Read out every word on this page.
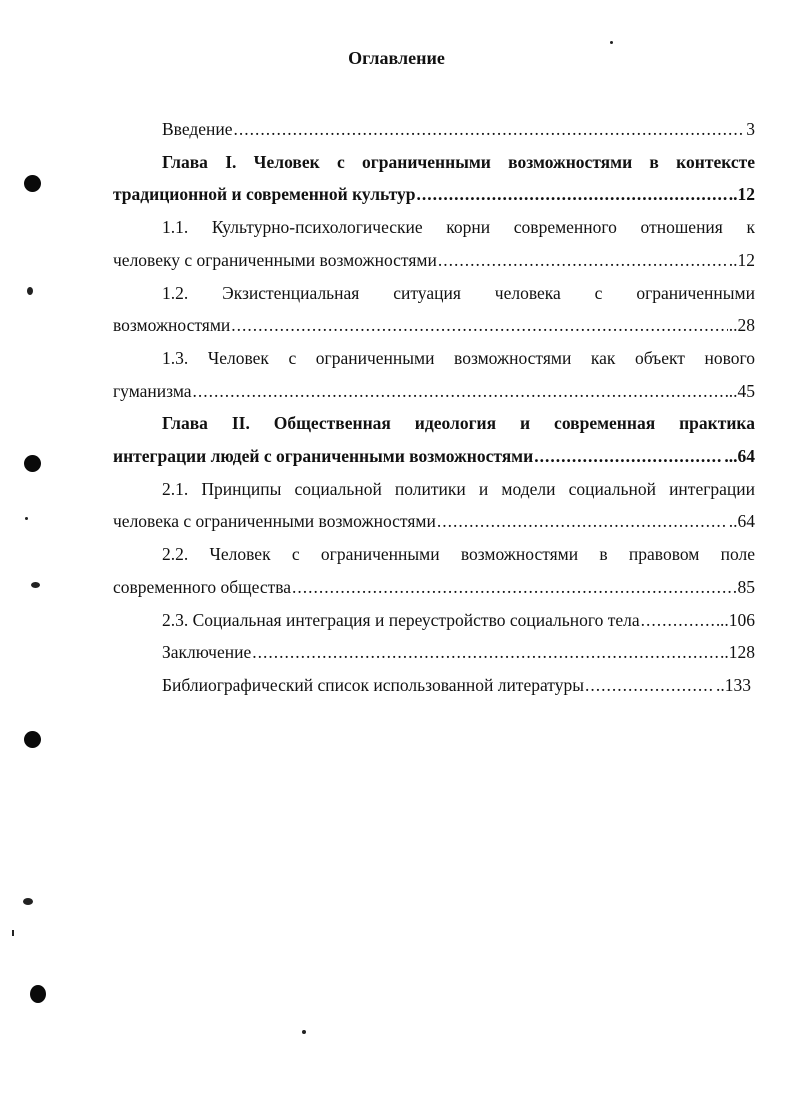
Оглавление
Введение .....	3
Глава I. Человек с ограниченными возможностями в контексте
традиционной и современной культур .....	..12
1.1. Культурно-психологические корни современного отношения к
человеку с ограниченными возможностями .....	..12
1.2. Экзистенциальная ситуация человека с ограниченными
возможностями .....	..28
1.3. Человек с ограниченными возможностями как объект нового
гуманизма .....	..45
Глава II. Общественная идеология и современная практика
интеграции людей с ограниченными возможностями .....	...64
2.1. Принципы социальной политики и модели социальной интеграции
человека с ограниченными возможностями .....	..64
2.2. Человек с ограниченными возможностями в правовом поле
современного общества .....	85
2.3. Социальная интеграция и переустройство социального тела .....	..106
Заключение .....	..128
Библиографический список использованной литературы .....	..133
